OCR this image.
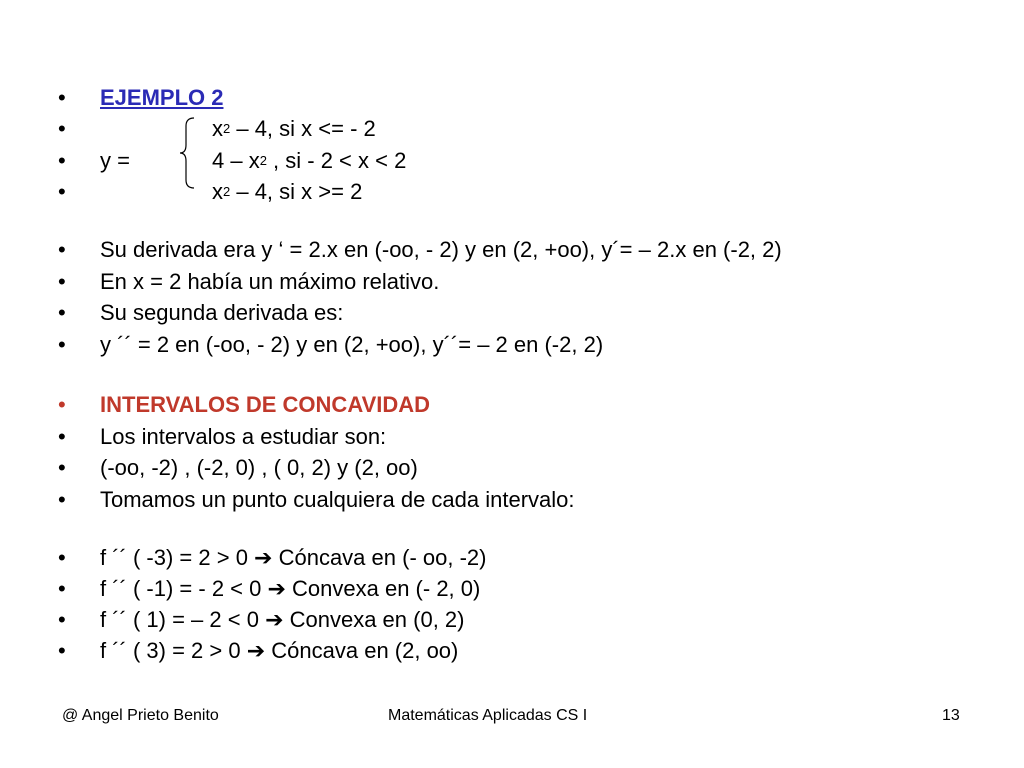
• EJEMPLO 2
•	$x^2 - 4$, si x <= - 2
• y =	$4 - x^2$ , si - 2 < x < 2
•	$x^2 - 4$, si x >= 2
• Su derivada era y ‘ = 2.x en (-oo, - 2) y en (2, +oo), y´= – 2.x en (-2, 2)
• En x = 2 había un máximo relativo.
• Su segunda derivada es:
• y ´´ = 2 en (-oo, - 2) y en (2, +oo), y´´= – 2 en (-2, 2)
• INTERVALOS DE CONCAVIDAD
• Los intervalos a estudiar son:
• (-oo, -2) , (-2, 0) , ( 0, 2) y (2, oo)
• Tomamos un punto cualquiera de cada intervalo:
• f ´´ ( -3) = 2 > 0 ➔ Cóncava en (- oo, -2)
• f ´´ ( -1) = - 2 < 0 ➔ Convexa en (- 2, 0)
• f ´´ ( 1) = – 2 < 0 ➔ Convexa en (0, 2)
• f ´´ ( 3) = 2 > 0 ➔ Cóncava en (2, oo)
@ Angel Prieto Benito	Matemáticas Aplicadas CS I	13
